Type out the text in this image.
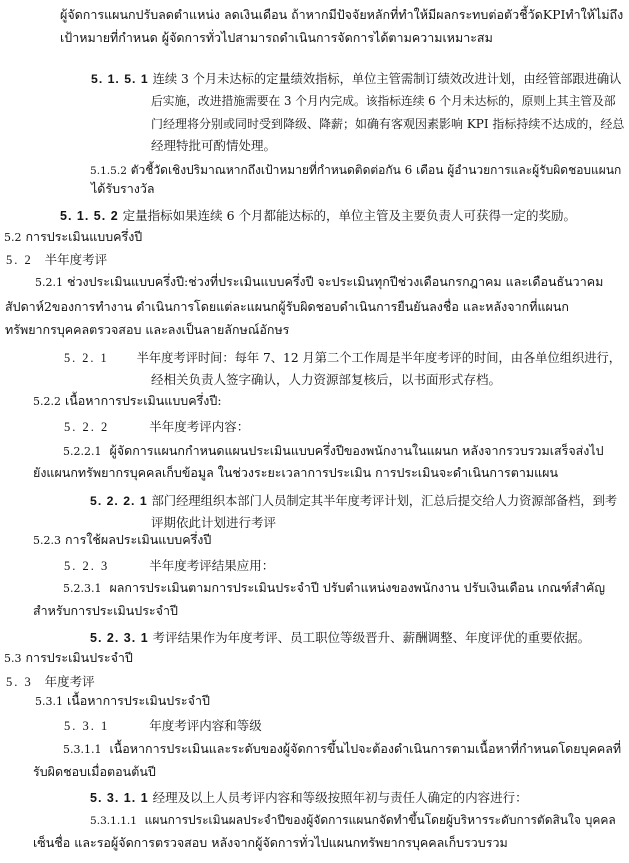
ผู้จัดการแผนกปรับลดตำแหน่ง ลดเงินเดือน ถ้าหากมีปัจจัยหลักที่ทำให้มีผลกระทบต่อตัวชี้วัดKPIทำให้ไม่ถึง
เป้าหมายที่กำหนด ผู้จัดการทั่วไปสามารถดำเนินการจัดการได้ตามความเหมาะสม
5. 1. 5. 1 连续 3 个月未达标的定量绩效指标，单位主管需制订绩效改进计划，由经管部跟进确认
后实施，改进措施需要在 3 个月内完成。该指标连续 6 个月未达标的，原则上其主管及部
门经理将分别或同时受到降级、降薪；如确有客观因素影响 KPI 指标持续不达成的，经总
经理特批可酌情处理。
5.1.5.2 ตัวชี้วัดเชิงปริมาณหากถึงเป้าหมายที่กำหนดติดต่อกัน 6 เดือน ผู้อำนวยการและผู้รับผิดชอบแผนก
ได้รับรางวัล
5. 1. 5. 2 定量指标如果连续 6 个月都能达标的，单位主管及主要负责人可获得一定的奖励。
5.2 การประเมินแบบครึ่งปี
5. 2 半年度考评
5.2.1 ช่วงประเมินแบบครึ่งปี:ช่วงที่ประเมินแบบครึ่งปี จะประเมินทุกปีช่วงเดือนกรกฎาคม และเดือนธันวาคม
สัปดาห์2ของการทำงาน ดำเนินการโดยแต่ละแผนกผู้รับผิดชอบดำเนินการยืนยันลงชื่อ และหลังจากที่แผนก
ทรัพยากรบุคคลตรวจสอบ และลงเป็นลายลักษณ์อักษร
5. 2. 1 半年度考评时间：每年 7、12 月第二个工作周是半年度考评的时间，由各单位组织进行，
经相关负责人签字确认，人力资源部复核后，以书面形式存档。
5.2.2 เนื้อหาการประเมินแบบครึ่งปี:
5. 2. 2	半年度考评内容：
5.2.2.1 ผู้จัดการแผนกกำหนดแผนประเมินแบบครึ่งปีของพนักงานในแผนก หลังจากรวบรวมเสร็จส่งไป
ยังแผนกทรัพยากรบุคคลเก็บข้อมูล ในช่วงระยะเวลาการประเมิน การประเมินจะดำเนินการตามแผน
5. 2. 2. 1 部门经理组织本部门人员制定其半年度考评计划，汇总后提交给人力资源部备档，到考
评期依此计划进行考评
5.2.3 การใช้ผลประเมินแบบครึ่งปี
5. 2. 3	半年度考评结果应用：
5.2.3.1 ผลการประเมินตามการประเมินประจำปี ปรับตำแหน่งของพนักงาน ปรับเงินเดือน เกณฑ์สำคัญ
สำหรับการประเมินประจำปี
5. 2. 3. 1 考评结果作为年度考评、员工职位等级晋升、薪酬调整、年度评优的重要依据。
5.3 การประเมินประจำปี
5. 3 年度考评
5.3.1 เนื้อหาการประเมินประจำปี
5. 3. 1	年度考评内容和等级
5.3.1.1 เนื้อหาการประเมินและระดับของผู้จัดการขึ้นไปจะต้องดำเนินการตามเนื้อหาที่กำหนดโดยบุคคลที่
รับผิดชอบเมื่อตอนต้นปี
5. 3. 1. 1 经理及以上人员考评内容和等级按照年初与责任人确定的内容进行：
5.3.1.1.1 แผนการประเมินผลประจำปีของผู้จัดการแผนกจัดทำขึ้นโดยผู้บริหารระดับการตัดสินใจ บุคคล
เซ็นชื่อ และรอผู้จัดการตรวจสอบ หลังจากผู้จัดการทั่วไปแผนกทรัพยากรบุคคลเก็บรวบรวม
